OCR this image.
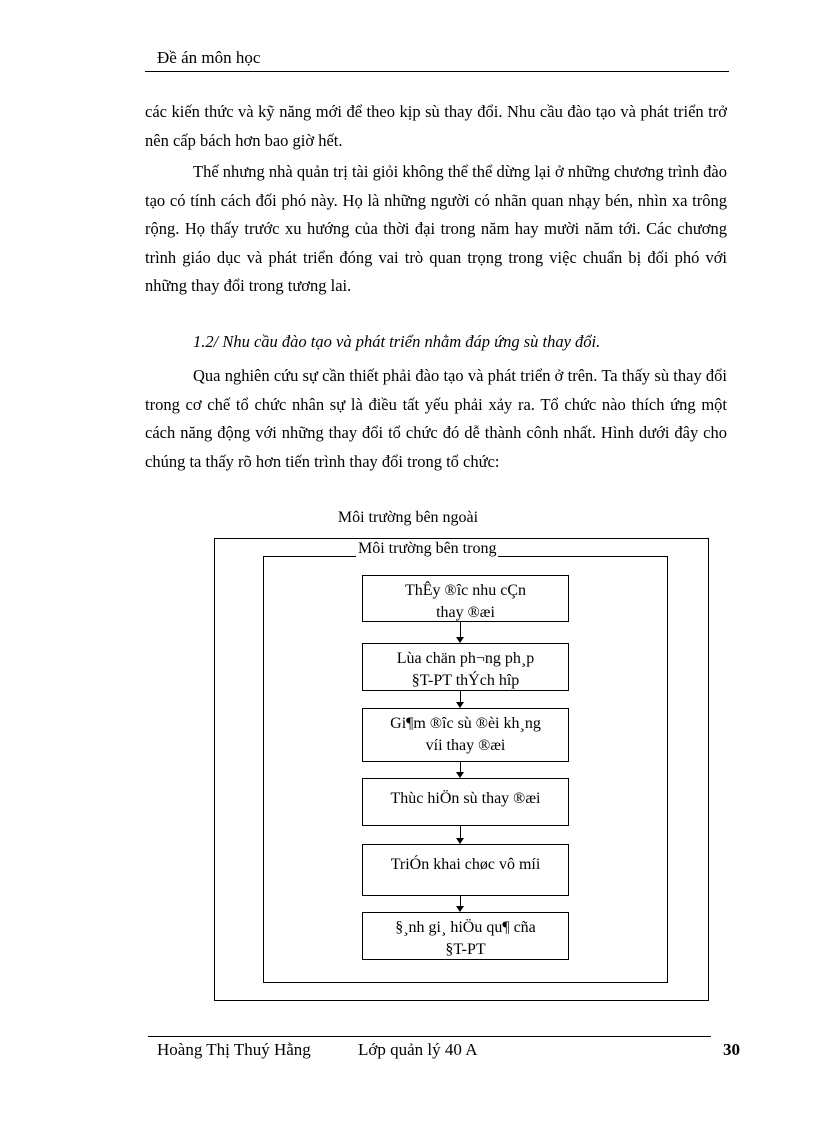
Đề án môn học

các kiến thức và kỹ năng mới để theo kịp sù thay đổi. Nhu cầu đào tạo và phát triển trở nên cấp bách hơn bao giờ hết.

Thế nhưng nhà quản trị tài giỏi không thể thể dừng lại ở những chương trình đào tạo có tính cách đối phó này. Họ là những người có nhãn quan nhạy bén, nhìn xa trông rộng. Họ thấy trước xu hướng của thời đại trong năm hay mười năm tới. Các chương trình giáo dục và phát triển đóng vai trò quan trọng trong việc chuẩn bị đối phó với những thay đổi trong tương lai.

1.2/ Nhu cầu đào tạo và phát triển nhằm đáp ứng sù thay đổi.

Qua nghiên cứu sự cần thiết phải đào tạo và phát triển ở trên. Ta thấy sù thay đổi trong cơ chế tổ chức nhân sự là điều tất yếu phải xảy ra. Tổ chức nào thích ứng một cách năng động với những thay đổi tổ chức đó dễ thành cônh nhất. Hình dưới đây cho chúng ta thấy rõ hơn tiến trình thay đổi trong tổ chức:

Môi trường bên ngoài
Môi trường bên trong
ThÊy ®îc nhu cÇn
thay ®æi
Lùa chän ph¬ng ph¸p
§T-PT thÝch hîp
Gi¶m ®îc sù ®èi kh¸ng
víi thay ®æi
Thùc hiÖn sù thay ®æi
TriÓn khai chøc vô míi
§¸nh gi¸ hiÖu qu¶ cña
§T-PT
Hoàng Thị Thuý Hằng	Lớp quản lý 40 A	30
